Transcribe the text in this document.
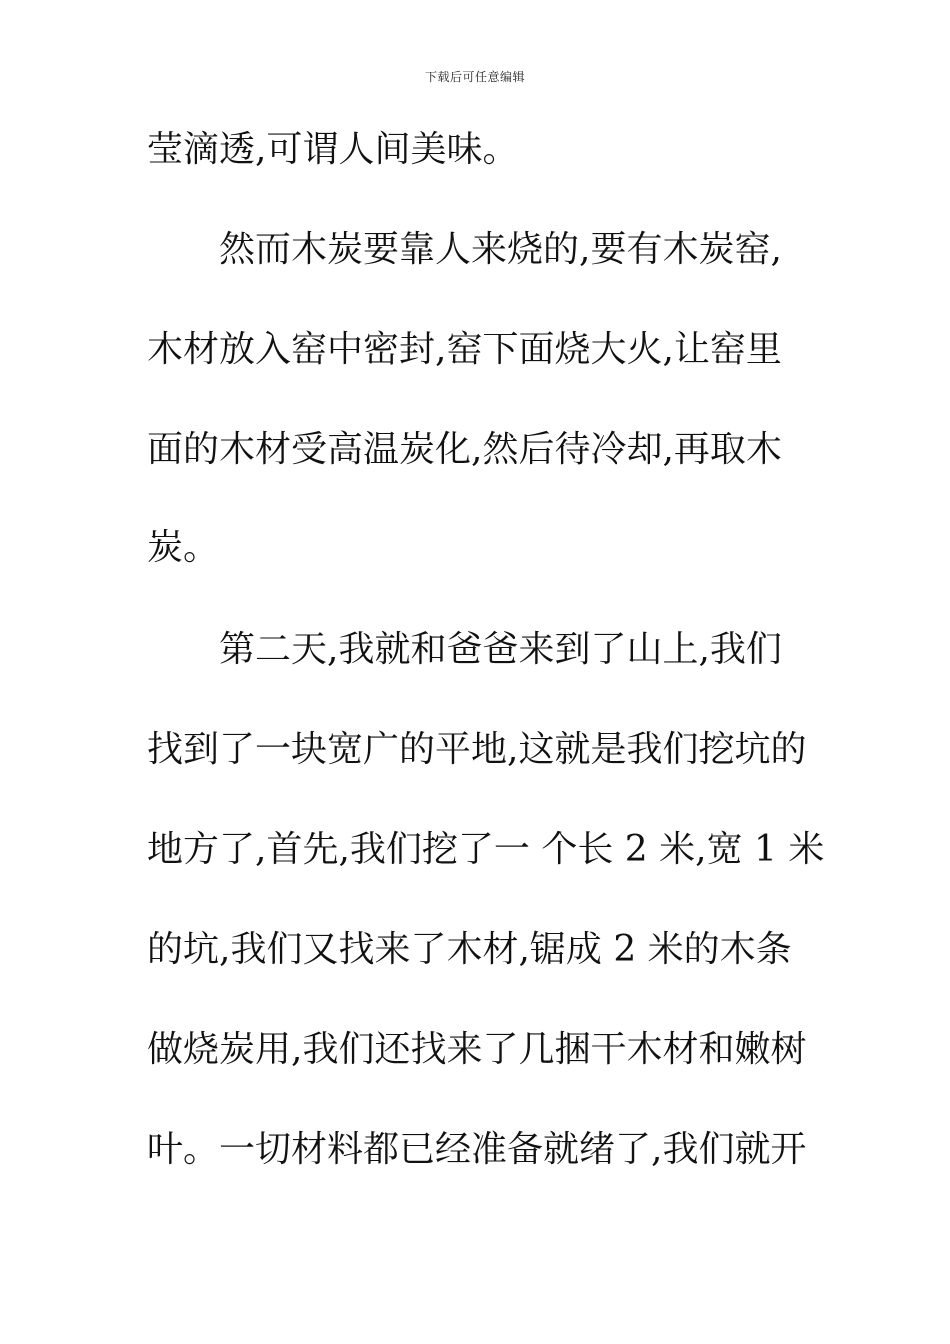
下载后可任意编辑
莹滴透,可谓人间美味。
　　然而木炭要靠人来烧的,要有木炭窑,
木材放入窑中密封,窑下面烧大火,让窑里
面的木材受高温炭化,然后待冷却,再取木
炭。
　　第二天,我就和爸爸来到了山上,我们
找到了一块宽广的平地,这就是我们挖坑的
地方了,首先,我们挖了一 个长 2 米,宽 1 米
的坑,我们又找来了木材,锯成 2 米的木条
做烧炭用,我们还找来了几捆干木材和嫩树
叶。一切材料都已经准备就绪了,我们就开
